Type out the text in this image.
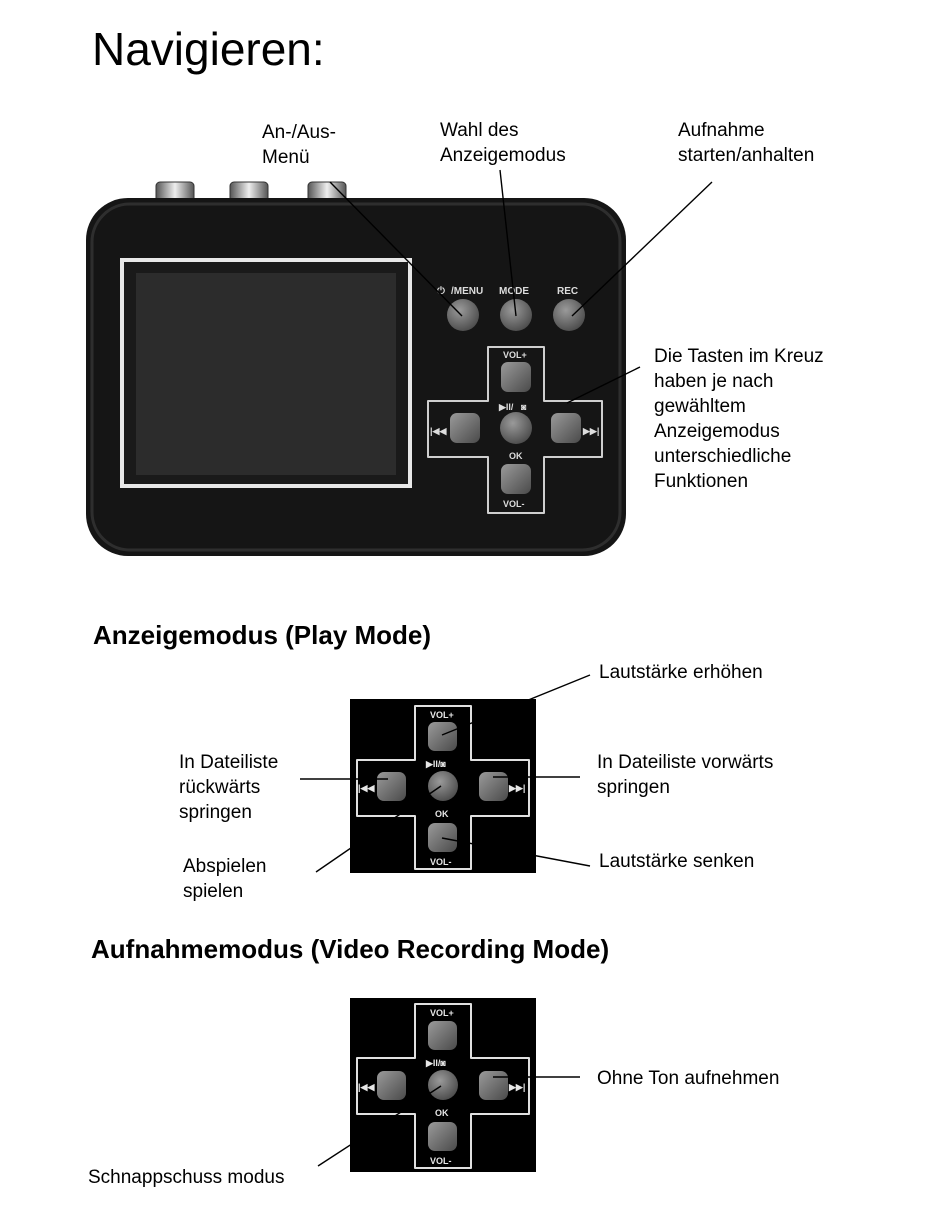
Navigieren:
⏻ /MENU MODE	REC
VOL+
▶II/ ◙
OK
VOL-
|◀◀	▶▶|
VOL+
▶II/◙
OK
VOL-
|◀◀	▶▶|
VOL+
▶II/◙
OK
VOL-
|◀◀	▶▶|
An-/Aus-
Menü
Wahl des
Anzeigemodus
Aufnahme
starten/anhalten
Die Tasten im Kreuz
haben je nach
gewähltem
Anzeigemodus
unterschiedliche
Funktionen
Anzeigemodus (Play Mode)
Lautstärke erhöhen
In Dateiliste
rückwärts
springen
In Dateiliste vorwärts
springen
Abspielen
spielen
Lautstärke senken
Aufnahmemodus (Video Recording Mode)
Ohne Ton aufnehmen
Schnappschuss modus
